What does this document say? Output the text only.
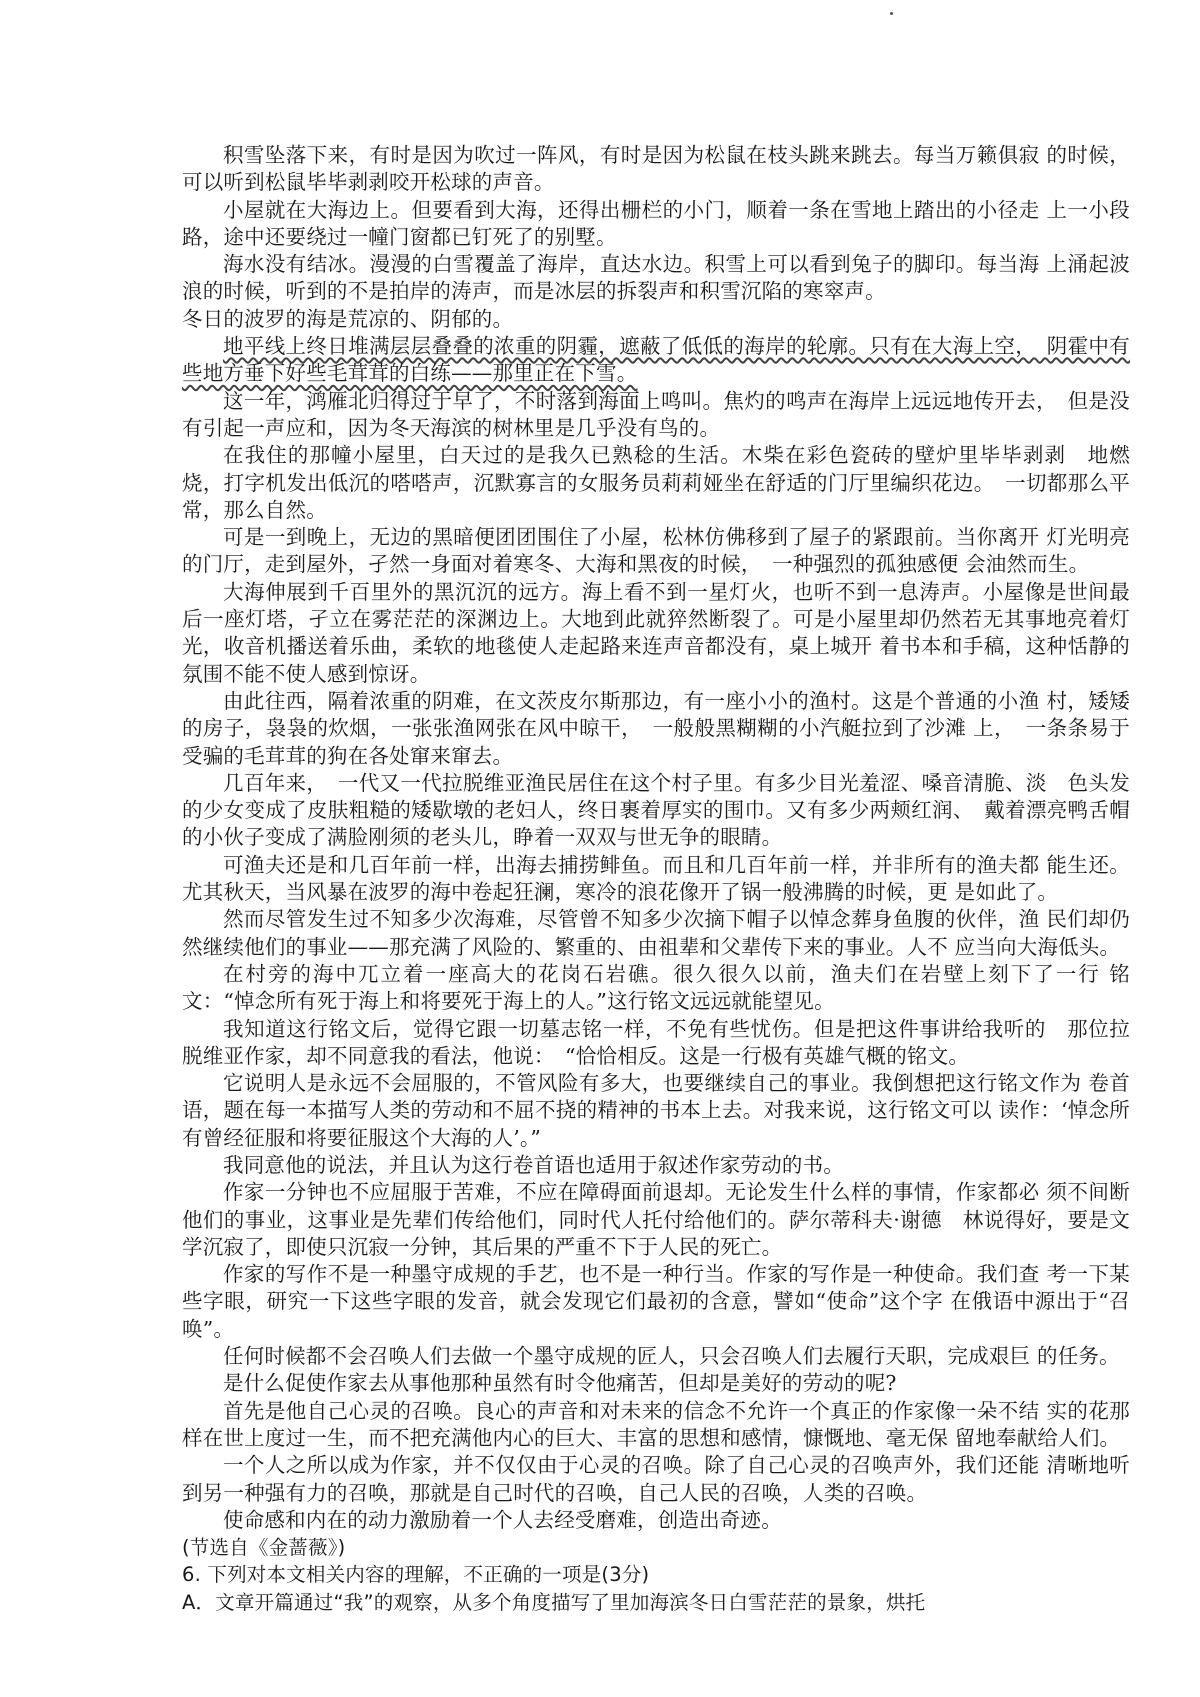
积雪坠落下来，有时是因为吹过一阵风，有时是因为松鼠在枝头跳来跳去。每当万籁俱寂 的时候，可以听到松鼠毕毕剥剥咬开松球的声音。

小屋就在大海边上。但要看到大海，还得出栅栏的小门，顺着一条在雪地上踏出的小径走 上一小段路，途中还要绕过一幢门窗都已钉死了的别墅。

海水没有结冰。漫漫的白雪覆盖了海岸，直达水边。积雪上可以看到兔子的脚印。每当海 上涌起波浪的时候，听到的不是拍岸的涛声，而是冰层的拆裂声和积雪沉陷的寒窣声。

冬日的波罗的海是荒凉的、阴郁的。

地平线上终日堆满层层叠叠的浓重的阴霾，遮蔽了低低的海岸的轮廓。只有在大海上空，　阴霍中有些地方垂下好些毛茸茸的白练——那里正在下雪。

这一年，鸿雁北归得过于早了，不时落到海面上鸣叫。焦灼的鸣声在海岸上远远地传开去，　但是没有引起一声应和，因为冬天海滨的树林里是几乎没有鸟的。

在我住的那幢小屋里，白天过的是我久已熟稔的生活。木柴在彩色瓷砖的壁炉里毕毕剥剥　地燃烧，打字机发出低沉的嗒嗒声，沉默寡言的女服务员莉莉娅坐在舒适的门厅里编织花边。　一切都那么平常，那么自然。

可是一到晚上，无边的黑暗便团团围住了小屋，松林仿佛移到了屋子的紧跟前。当你离开 灯光明亮的门厅，走到屋外，孑然一身面对着寒冬、大海和黑夜的时候，　一种强烈的孤独感便 会油然而生。

大海伸展到千百里外的黑沉沉的远方。海上看不到一星灯火，也听不到一息涛声。小屋像是世间最后一座灯塔，孑立在雾茫茫的深渊边上。大地到此就猝然断裂了。可是小屋里却仍然若无其事地亮着灯光，收音机播送着乐曲，柔软的地毯使人走起路来连声音都没有，桌上城开 着书本和手稿，这种恬静的氛围不能不使人感到惊讶。

由此往西，隔着浓重的阴难，在文茨皮尔斯那边，有一座小小的渔村。这是个普通的小渔 村，矮矮的房子，袅袅的炊烟，一张张渔网张在风中晾干，　一般般黑糊糊的小汽艇拉到了沙滩 上，　一条条易于受骗的毛茸茸的狗在各处窜来窜去。

几百年来，　一代又一代拉脱维亚渔民居住在这个村子里。有多少目光羞涩、嗓音清脆、淡　色头发的少女变成了皮肤粗糙的矮歇墩的老妇人，终日裹着厚实的围巾。又有多少两颊红润、　戴着漂亮鸭舌帽的小伙子变成了满脸刚须的老头儿，睁着一双双与世无争的眼睛。

可渔夫还是和几百年前一样，出海去捕捞鲱鱼。而且和几百年前一样，并非所有的渔夫都 能生还。尤其秋天，当风暴在波罗的海中卷起狂澜，寒冷的浪花像开了锅一般沸腾的时候，更 是如此了。

然而尽管发生过不知多少次海难，尽管曾不知多少次摘下帽子以悼念葬身鱼腹的伙伴，渔 民们却仍然继续他们的事业——那充满了风险的、繁重的、由祖辈和父辈传下来的事业。人不 应当向大海低头。

在村旁的海中兀立着一座高大的花岗石岩礁。很久很久以前，渔夫们在岩壁上刻下了一行 铭文：“悼念所有死于海上和将要死于海上的人。”这行铭文远远就能望见。

我知道这行铭文后，觉得它跟一切墓志铭一样，不免有些忧伤。但是把这件事讲给我听的　那位拉脱维亚作家，却不同意我的看法，他说：　“恰恰相反。这是一行极有英雄气概的铭文。

它说明人是永远不会屈服的，不管风险有多大，也要继续自己的事业。我倒想把这行铭文作为 卷首语，题在每一本描写人类的劳动和不屈不挠的精神的书本上去。对我来说，这行铭文可以 读作：‘悼念所有曾经征服和将要征服这个大海的人’。”

我同意他的说法，并且认为这行卷首语也适用于叙述作家劳动的书。

作家一分钟也不应屈服于苦难，不应在障碍面前退却。无论发生什么样的事情，作家都必 须不间断他们的事业，这事业是先辈们传给他们，同时代人托付给他们的。萨尔蒂科夫·谢德　林说得好，要是文学沉寂了，即使只沉寂一分钟，其后果的严重不下于人民的死亡。

作家的写作不是一种墨守成规的手艺，也不是一种行当。作家的写作是一种使命。我们查 考一下某些字眼，研究一下这些字眼的发音，就会发现它们最初的含意，譬如“使命”这个字 在俄语中源出于“召唤”。

任何时候都不会召唤人们去做一个墨守成规的匠人，只会召唤人们去履行天职，完成艰巨 的任务。

是什么促使作家去从事他那种虽然有时令他痛苦，但却是美好的劳动的呢?

首先是他自己心灵的召唤。良心的声音和对未来的信念不允许一个真正的作家像一朵不结 实的花那样在世上度过一生，而不把充满他内心的巨大、丰富的思想和感情，慷慨地、毫无保 留地奉献给人们。

一个人之所以成为作家，并不仅仅由于心灵的召唤。除了自己心灵的召唤声外，我们还能 清晰地听到另一种强有力的召唤，那就是自己时代的召唤，自己人民的召唤，人类的召唤。

使命感和内在的动力激励着一个人去经受磨难，创造出奇迹。

(节选自《金蔷薇》)

6. 下列对本文相关内容的理解，不正确的一项是(3分)

A．文章开篇通过“我”的观察，从多个角度描写了里加海滨冬日白雪茫茫的景象，烘托
